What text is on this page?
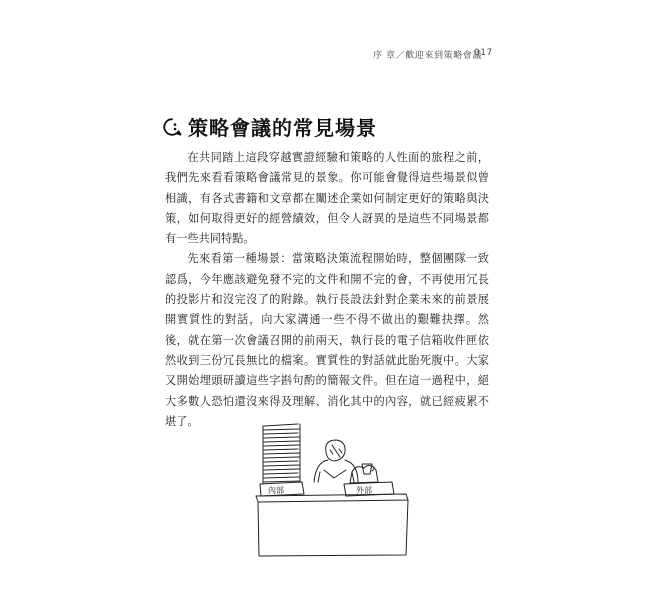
序 章／歡迎來到策略會議
017
策略會議的常見場景

在共同踏上這段穿越實證經驗和策略的人性面的旅程之前，我們先來看看策略會議常見的景象。你可能會覺得這些場景似曾相識，有各式書籍和文章都在闡述企業如何制定更好的策略與決策，如何取得更好的經營績效，但令人訝異的是這些不同場景都有一些共同特點。

先來看第一種場景：當策略決策流程開始時，整個團隊一致認爲，今年應該避免發不完的文件和開不完的會，不再使用冗長的投影片和沒完沒了的附錄。執行長設法針對企業未來的前景展開實質性的對話，向大家溝通一些不得不做出的艱難抉擇。然後，就在第一次會議召開的前兩天，執行長的電子信箱收件匣依然收到三份冗長無比的檔案。實質性的對話就此胎死腹中。大家又開始埋頭研讀這些字斟句酌的簡報文件。但在這一過程中，絕大多數人恐怕還沒來得及理解、消化其中的內容，就已經疲累不堪了。

內部	外部
